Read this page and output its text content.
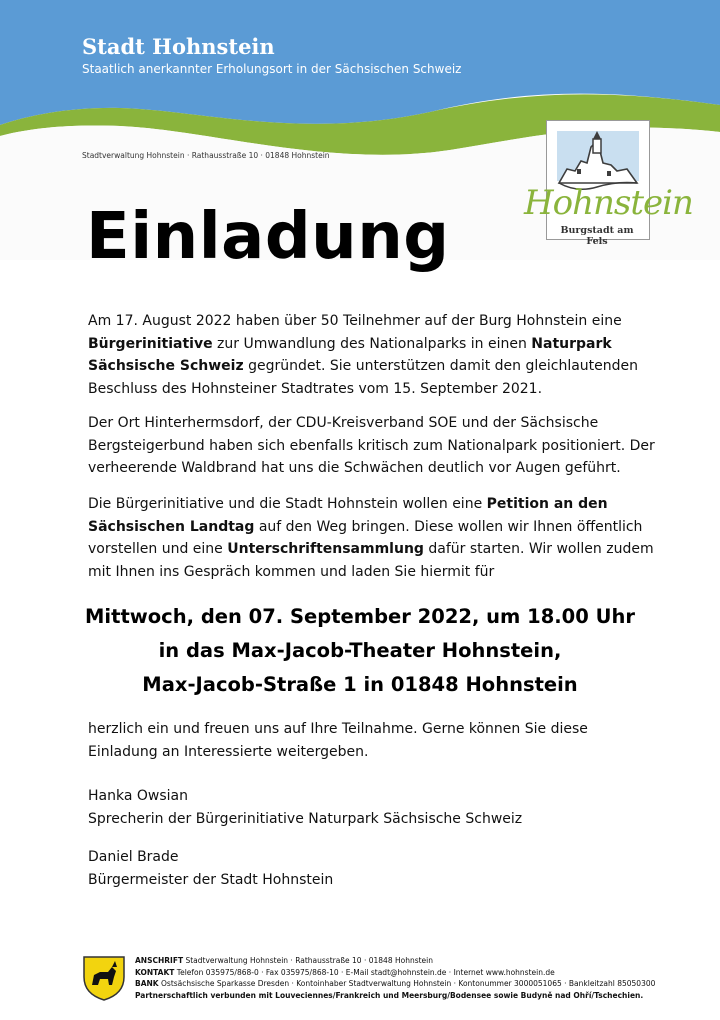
Stadt Hohnstein

Staatlich anerkannter Erholungsort in der Sächsischen Schweiz

Stadtverwaltung Hohnstein · Rathausstraße 10 · 01848 Hohnstein
Hohnstein
Burgstadt am Fels
Einladung

Am 17. August 2022 haben über 50 Teilnehmer auf der Burg Hohnstein eine Bürgerinitiative zur Umwandlung des Nationalparks in einen Naturpark Sächsische Schweiz gegründet. Sie unterstützen damit den gleichlautenden Beschluss des Hohnsteiner Stadtrates vom 15. September 2021.

Der Ort Hinterhermsdorf, der CDU-Kreisverband SOE und der Sächsische Bergsteigerbund haben sich ebenfalls kritisch zum Nationalpark positioniert. Der verheerende Waldbrand hat uns die Schwächen deutlich vor Augen geführt.

Die Bürgerinitiative und die Stadt Hohnstein wollen eine Petition an den Sächsischen Landtag auf den Weg bringen. Diese wollen wir Ihnen öffentlich vorstellen und eine Unterschriftensammlung dafür starten. Wir wollen zudem mit Ihnen ins Gespräch kommen und laden Sie hiermit für

Mittwoch, den 07. September 2022, um 18.00 Uhr
in das Max-Jacob-Theater Hohnstein,
Max-Jacob-Straße 1 in 01848 Hohnstein

herzlich ein und freuen uns auf Ihre Teilnahme. Gerne können Sie diese Einladung an Interessierte weitergeben.

Hanka Owsian
Sprecherin der Bürgerinitiative Naturpark Sächsische Schweiz

Daniel Brade
Bürgermeister der Stadt Hohnstein

ANSCHRIFT Stadtverwaltung Hohnstein · Rathausstraße 10 · 01848 Hohnstein
KONTAKT Telefon 035975/868-0 · Fax 035975/868-10 · E-Mail stadt@hohnstein.de · Internet www.hohnstein.de
BANK Ostsächsische Sparkasse Dresden · Kontoinhaber Stadtverwaltung Hohnstein · Kontonummer 3000051065 · Bankleitzahl 85050300
Partnerschaftlich verbunden mit Louveciennes/Frankreich und Meersburg/Bodensee sowie Budyně nad Ohří/Tschechien.
